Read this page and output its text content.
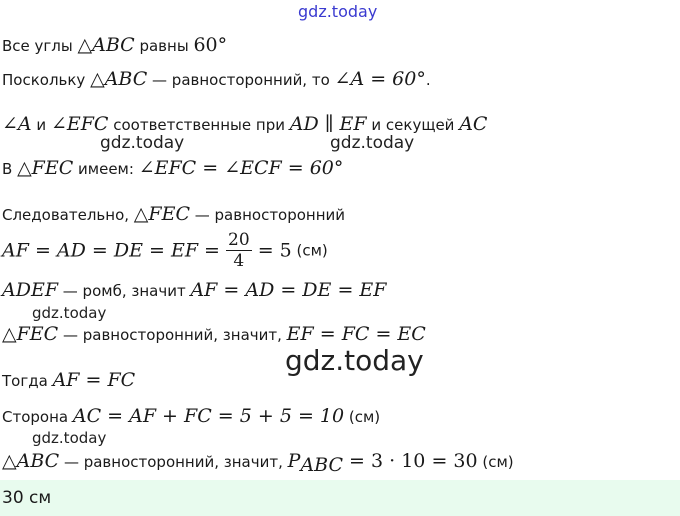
gdz.today
Все углы △ABC равны 60°
Поскольку △ABC — равносторонний, то ∠A = 60°.
∠A и ∠EFC соответственные при AD ∥ EF и секущей AC
gdz.today	gdz.today
В △FEC имеем: ∠EFC = ∠ECF = 60°
Следовательно, △FEC — равносторонний
AF = AD = DE = EF = $\frac{20}{4} = 5$ (см)
ADEF — ромб, значит AF = AD = DE = EF
gdz.today
△FEC — равносторонний, значит, EF = FC = EC
gdz.today
Тогда AF = FC
Сторона AC = AF + FC = 5 + 5 = 10 (см)
gdz.today
△ABC — равносторонний, значит, $P_{ABC} = 3 \cdot 10 = 30$ (см)
30 см
